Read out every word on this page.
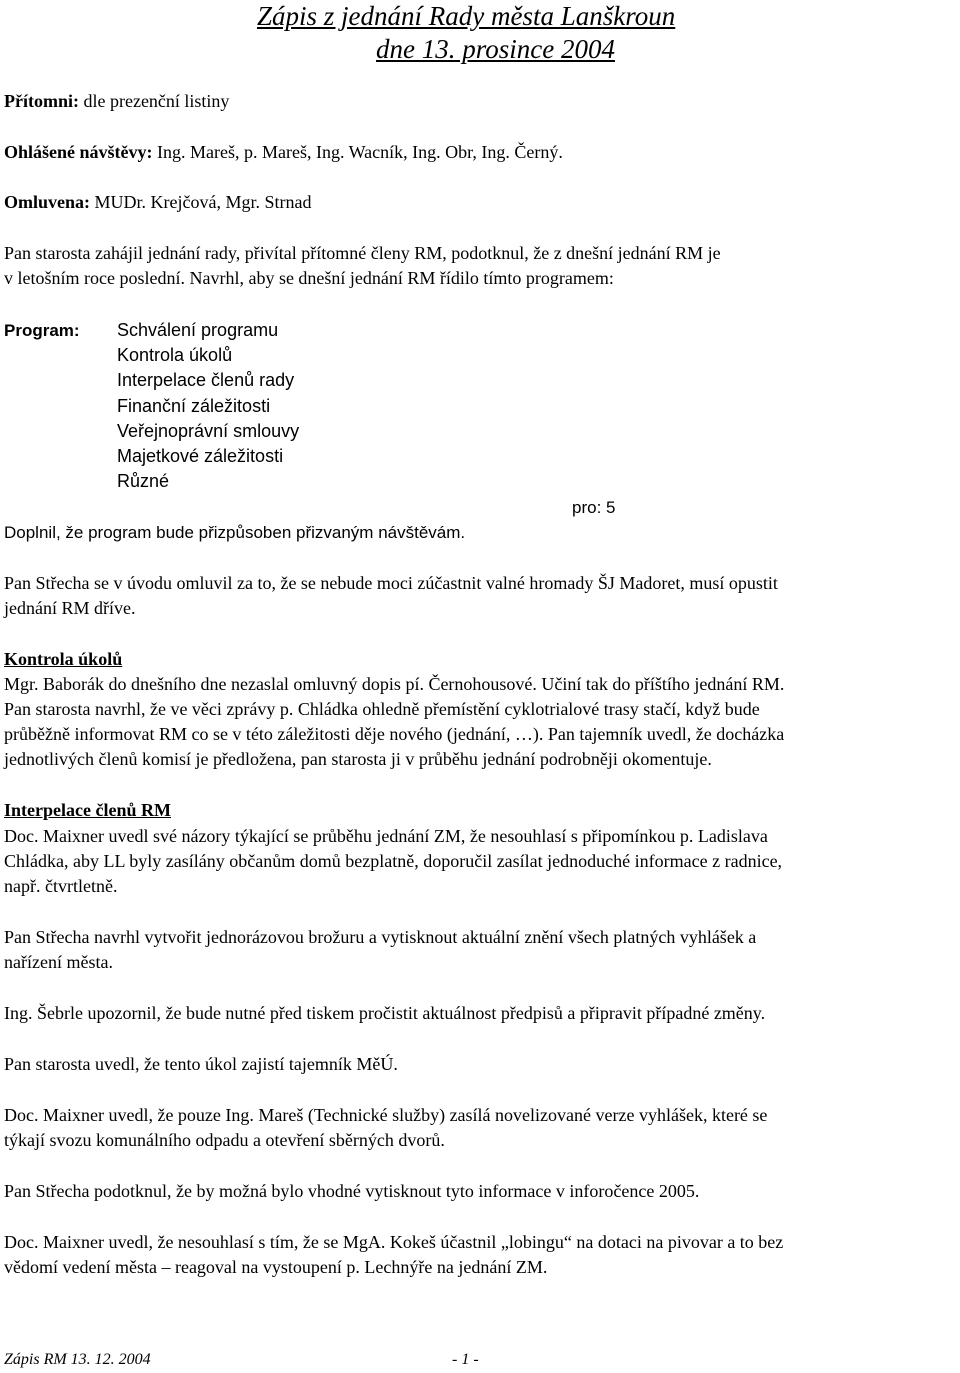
Zápis z jednání Rady města Lanškroun
dne 13. prosince 2004
Přítomni: dle prezenční listiny
Ohlášené návštěvy: Ing. Mareš, p. Mareš, Ing. Wacník, Ing. Obr, Ing. Černý.
Omluvena: MUDr. Krejčová, Mgr. Strnad
Pan starosta zahájil jednání rady, přivítal přítomné členy RM, podotknul, že z dnešní jednání RM je
v letošním roce poslední. Navrhl, aby se dnešní jednání RM řídilo tímto programem:
Program: Schválení programu
Kontrola úkolů
Interpelace členů rady
Finanční záležitosti
Veřejnoprávní smlouvy
Majetkové záležitosti
Různé
pro: 5
Doplnil, že program bude přizpůsoben přizvaným návštěvám.
Pan Střecha se v úvodu omluvil za to, že se nebude moci zúčastnit valné hromady ŠJ Madoret, musí opustit
jednání RM dříve.
Kontrola úkolů
Mgr. Baborák do dnešního dne nezaslal omluvný dopis pí. Černohousové. Učiní tak do příštího jednání RM.
Pan starosta navrhl, že ve věci zprávy p. Chládka ohledně přemístění cyklotrialové trasy stačí, když bude
průběžně informovat RM co se v této záležitosti děje nového (jednání, …). Pan tajemník uvedl, že docházka
jednotlivých členů komisí je předložena, pan starosta ji v průběhu jednání podrobněji okomentuje.
Interpelace členů RM
Doc. Maixner uvedl své názory týkající se průběhu jednání ZM, že nesouhlasí s připomínkou p. Ladislava
Chládka, aby LL byly zasílány občanům domů bezplatně, doporučil zasílat jednoduché informace z radnice,
např. čtvrtletně.
Pan Střecha navrhl vytvořit jednorázovou brožuru a vytisknout aktuální znění všech platných vyhlášek a
nařízení města.
Ing. Šebrle upozornil, že bude nutné před tiskem pročistit aktuálnost předpisů a připravit případné změny.
Pan starosta uvedl, že tento úkol zajistí tajemník MěÚ.
Doc. Maixner uvedl, že pouze Ing. Mareš (Technické služby) zasílá novelizované verze vyhlášek, které se
týkají svozu komunálního odpadu a otevření sběrných dvorů.
Pan Střecha podotknul, že by možná bylo vhodné vytisknout tyto informace v inforočence 2005.
Doc. Maixner uvedl, že nesouhlasí s tím, že se MgA. Kokeš účastnil „lobingu“ na dotaci na pivovar a to bez
vědomí vedení města – reagoval na vystoupení p. Lechnýře na jednání ZM.
Zápis RM 13. 12. 2004	- 1 -
